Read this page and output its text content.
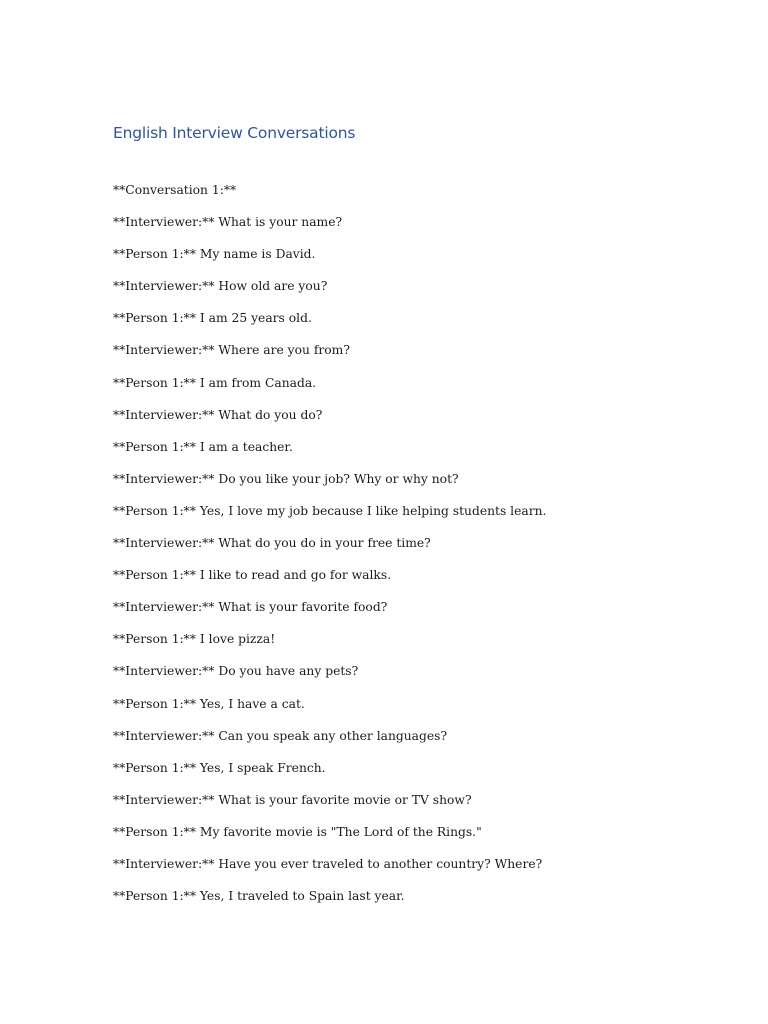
English Interview Conversations
**Conversation 1:**
**Interviewer:** What is your name?
**Person 1:** My name is David.
**Interviewer:** How old are you?
**Person 1:** I am 25 years old.
**Interviewer:** Where are you from?
**Person 1:** I am from Canada.
**Interviewer:** What do you do?
**Person 1:** I am a teacher.
**Interviewer:** Do you like your job? Why or why not?
**Person 1:** Yes, I love my job because I like helping students learn.
**Interviewer:** What do you do in your free time?
**Person 1:** I like to read and go for walks.
**Interviewer:** What is your favorite food?
**Person 1:** I love pizza!
**Interviewer:** Do you have any pets?
**Person 1:** Yes, I have a cat.
**Interviewer:** Can you speak any other languages?
**Person 1:** Yes, I speak French.
**Interviewer:** What is your favorite movie or TV show?
**Person 1:** My favorite movie is "The Lord of the Rings."
**Interviewer:** Have you ever traveled to another country? Where?
**Person 1:** Yes, I traveled to Spain last year.
